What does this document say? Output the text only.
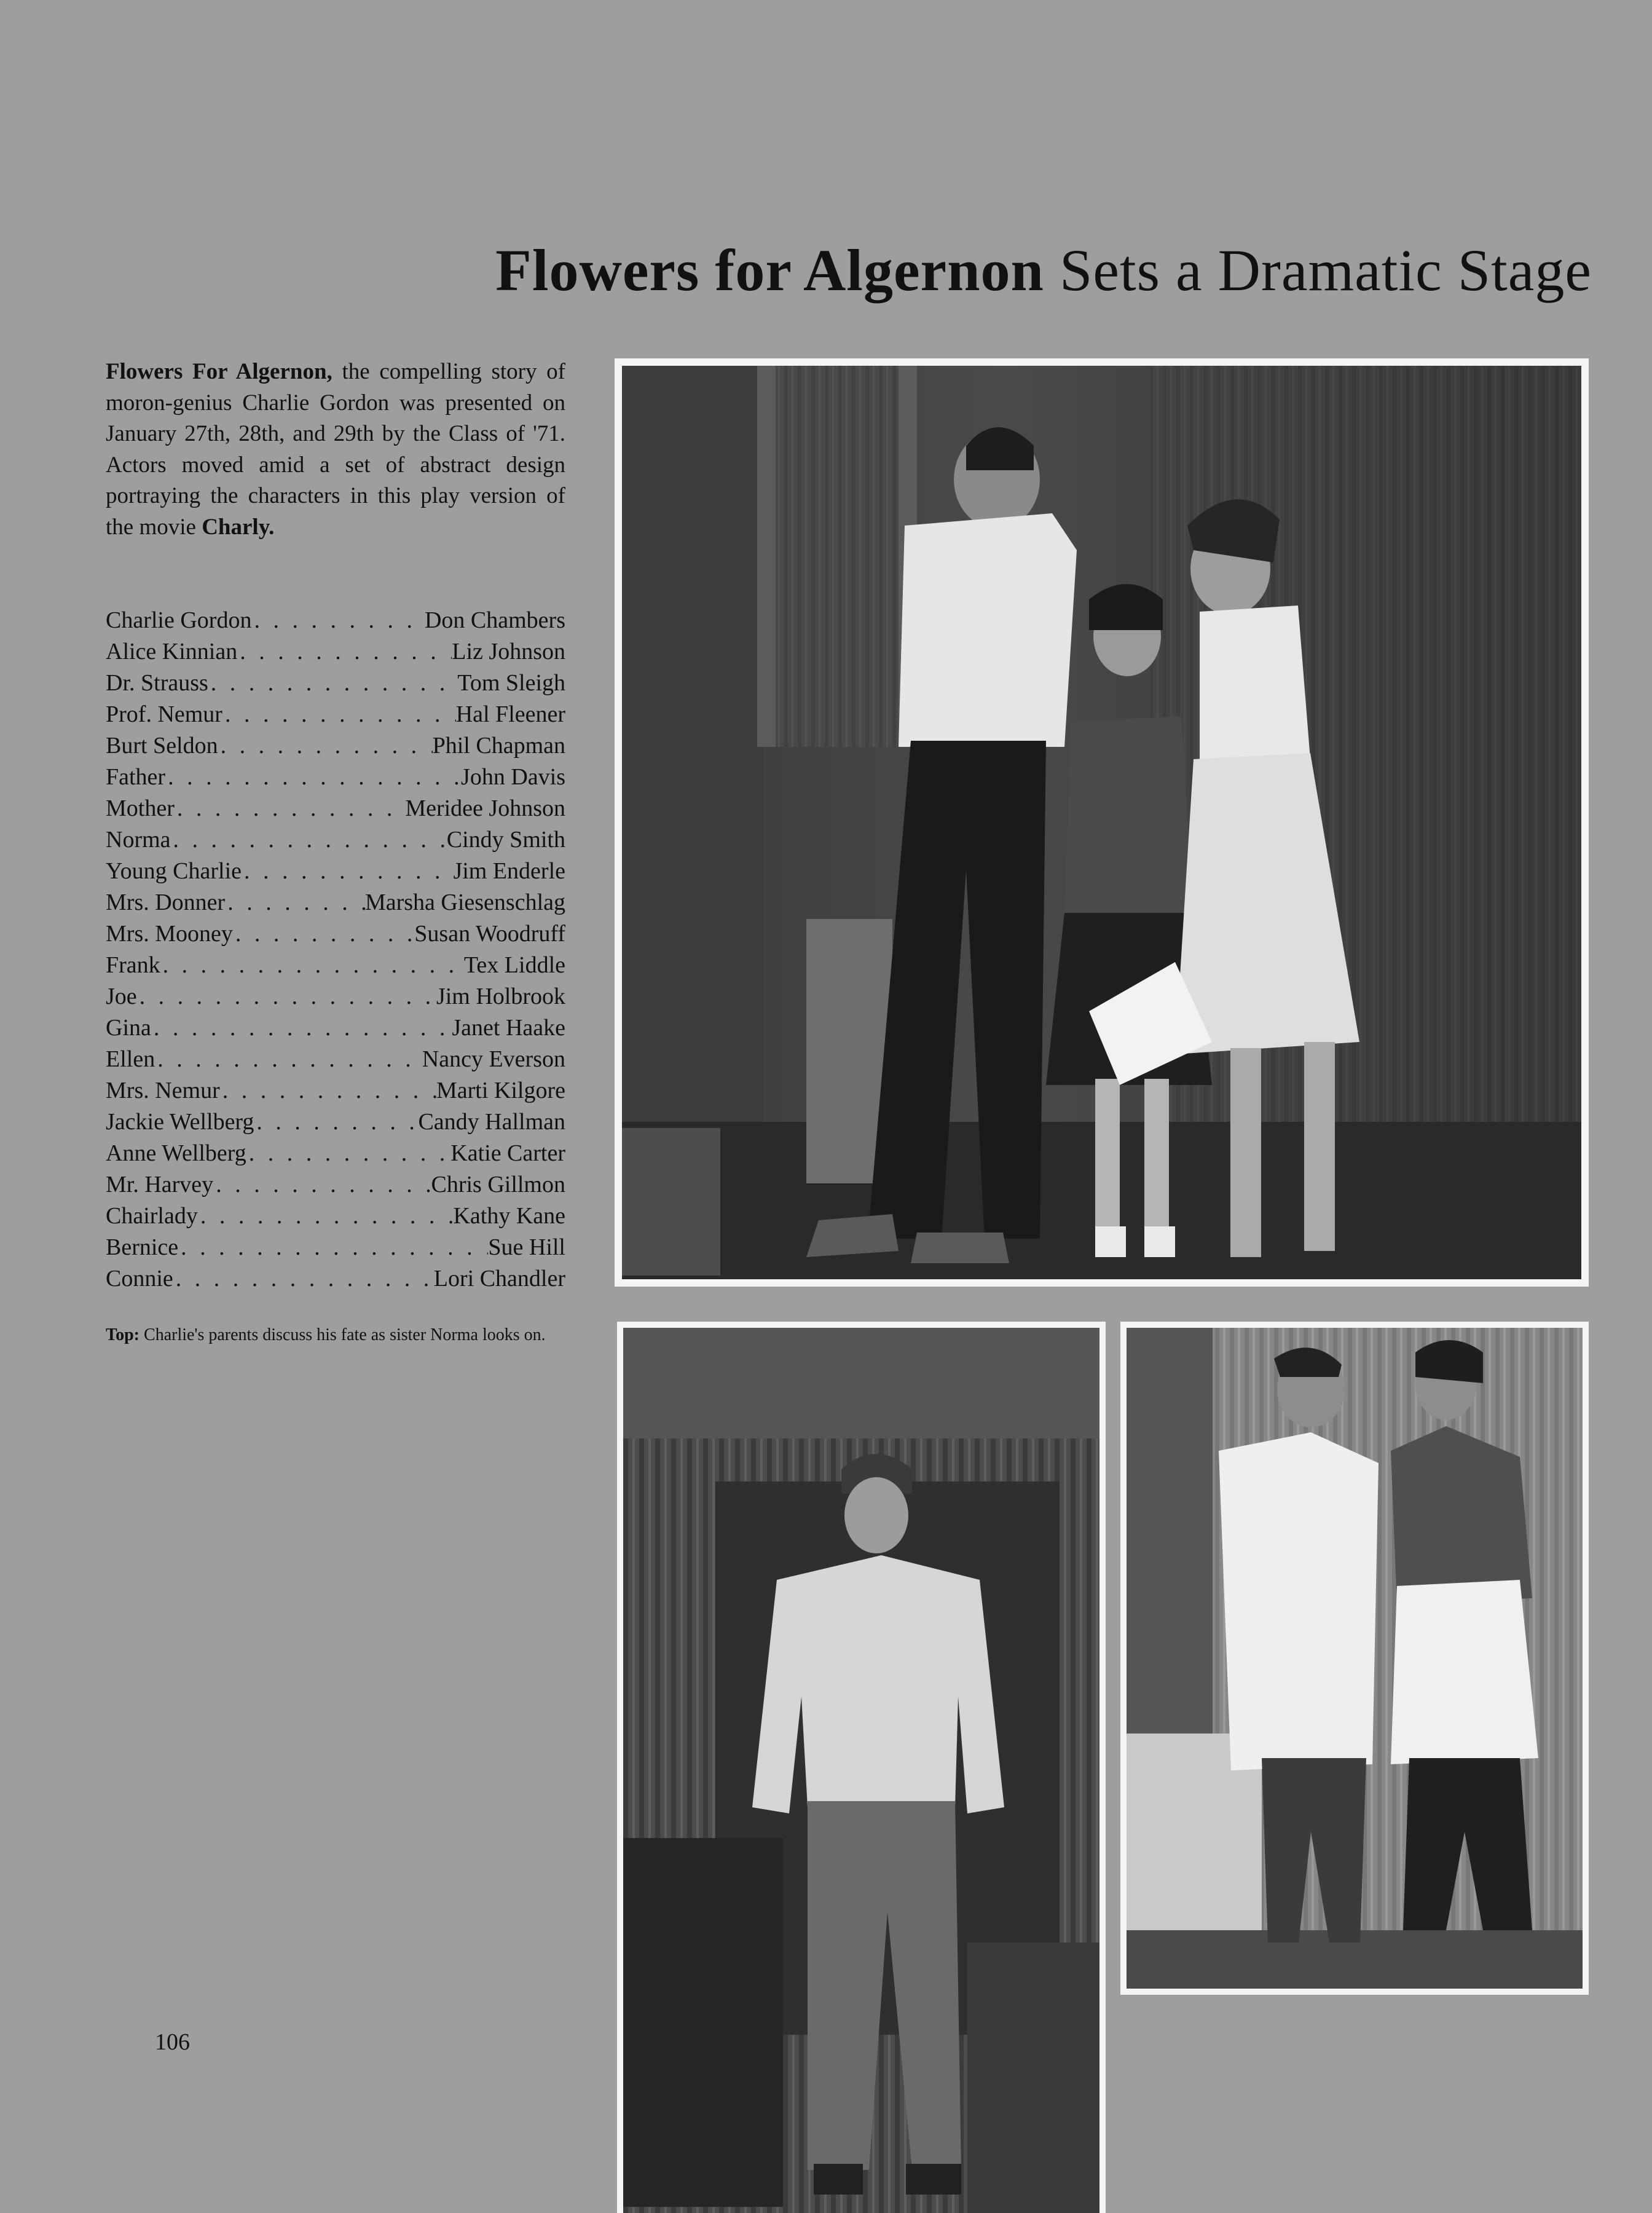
Flowers for Algernon Sets a Dramatic Stage
Flowers For Algernon, the compelling story of moron-genius Charlie Gordon was presented on January 27th, 28th, and 29th by the Class of '71. Actors moved amid a set of abstract design portraying the characters in this play version of the movie Charly.
Charlie Gordon . . .	Don Chambers
Alice Kinnian . . .	Liz Johnson
Dr. Strauss . . .	Tom Sleigh
Prof. Nemur . . .	Hal Fleener
Burt Seldon . . .	Phil Chapman
Father . . .	John Davis
Mother . . .	Meridee Johnson
Norma . . .	Cindy Smith
Young Charlie . . .	Jim Enderle
Mrs. Donner . . .	Marsha Giesenschlag
Mrs. Mooney . . .	Susan Woodruff
Frank . . .	Tex Liddle
Joe . . .	Jim Holbrook
Gina . . .	Janet Haake
Ellen . . .	Nancy Everson
Mrs. Nemur . . .	Marti Kilgore
Jackie Wellberg . . .	Candy Hallman
Anne Wellberg . . .	Katie Carter
Mr. Harvey . . .	Chris Gillmon
Chairlady . . .	Kathy Kane
Bernice . . .	Sue Hill
Connie . . .	Lori Chandler
Top: Charlie's parents discuss his fate as sister Norma looks on.
106
